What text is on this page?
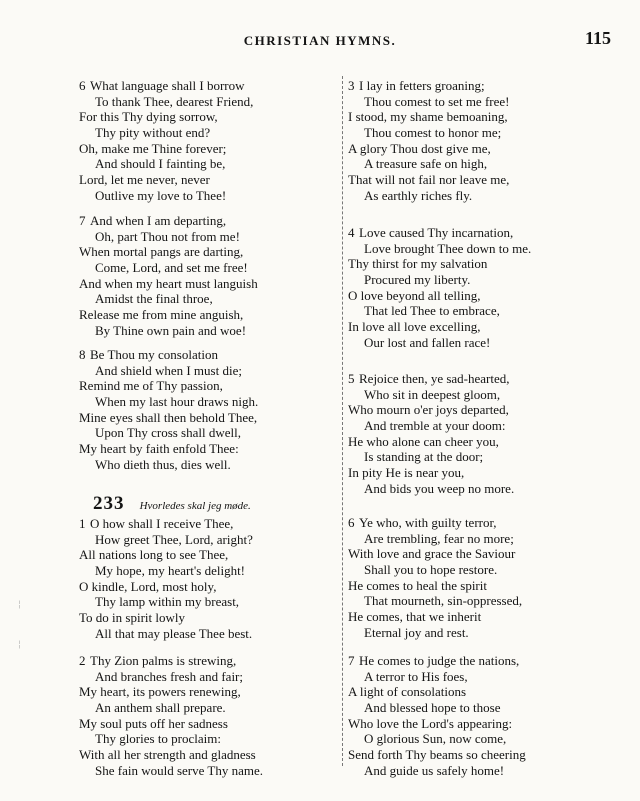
CHRISTIAN HYMNS.	115
6 What language shall I borrow
To thank Thee, dearest Friend,
For this Thy dying sorrow,
Thy pity without end?
Oh, make me Thine forever;
And should I fainting be,
Lord, let me never, never
Outlive my love to Thee!
7 And when I am departing,
Oh, part Thou not from me!
When mortal pangs are darting,
Come, Lord, and set me free!
And when my heart must languish
Amidst the final throe,
Release me from mine anguish,
By Thine own pain and woe!
8 Be Thou my consolation
And shield when I must die;
Remind me of Thy passion,
When my last hour draws nigh.
Mine eyes shall then behold Thee,
Upon Thy cross shall dwell,
My heart by faith enfold Thee:
Who dieth thus, dies well.
233 Hvorledes skal jeg møde.
1 O how shall I receive Thee,
How greet Thee, Lord, aright?
All nations long to see Thee,
My hope, my heart's delight!
O kindle, Lord, most holy,
Thy lamp within my breast,
To do in spirit lowly
All that may please Thee best.
2 Thy Zion palms is strewing,
And branches fresh and fair;
My heart, its powers renewing,
An anthem shall prepare.
My soul puts off her sadness
Thy glories to proclaim:
With all her strength and gladness
She fain would serve Thy name.
3 I lay in fetters groaning;
Thou comest to set me free!
I stood, my shame bemoaning,
Thou comest to honor me;
A glory Thou dost give me,
A treasure safe on high,
That will not fail nor leave me,
As earthly riches fly.
4 Love caused Thy incarnation,
Love brought Thee down to me.
Thy thirst for my salvation
Procured my liberty.
O love beyond all telling,
That led Thee to embrace,
In love all love excelling,
Our lost and fallen race!
5 Rejoice then, ye sad-hearted,
Who sit in deepest gloom,
Who mourn o'er joys departed,
And tremble at your doom:
He who alone can cheer you,
Is standing at the door;
In pity He is near you,
And bids you weep no more.
6 Ye who, with guilty terror,
Are trembling, fear no more;
With love and grace the Saviour
Shall you to hope restore.
He comes to heal the spirit
That mourneth, sin-oppressed,
He comes, that we inherit
Eternal joy and rest.
7 He comes to judge the nations,
A terror to His foes,
A light of consolations
And blessed hope to those
Who love the Lord's appearing:
O glorious Sun, now come,
Send forth Thy beams so cheering
And guide us safely home!
¦
¦
